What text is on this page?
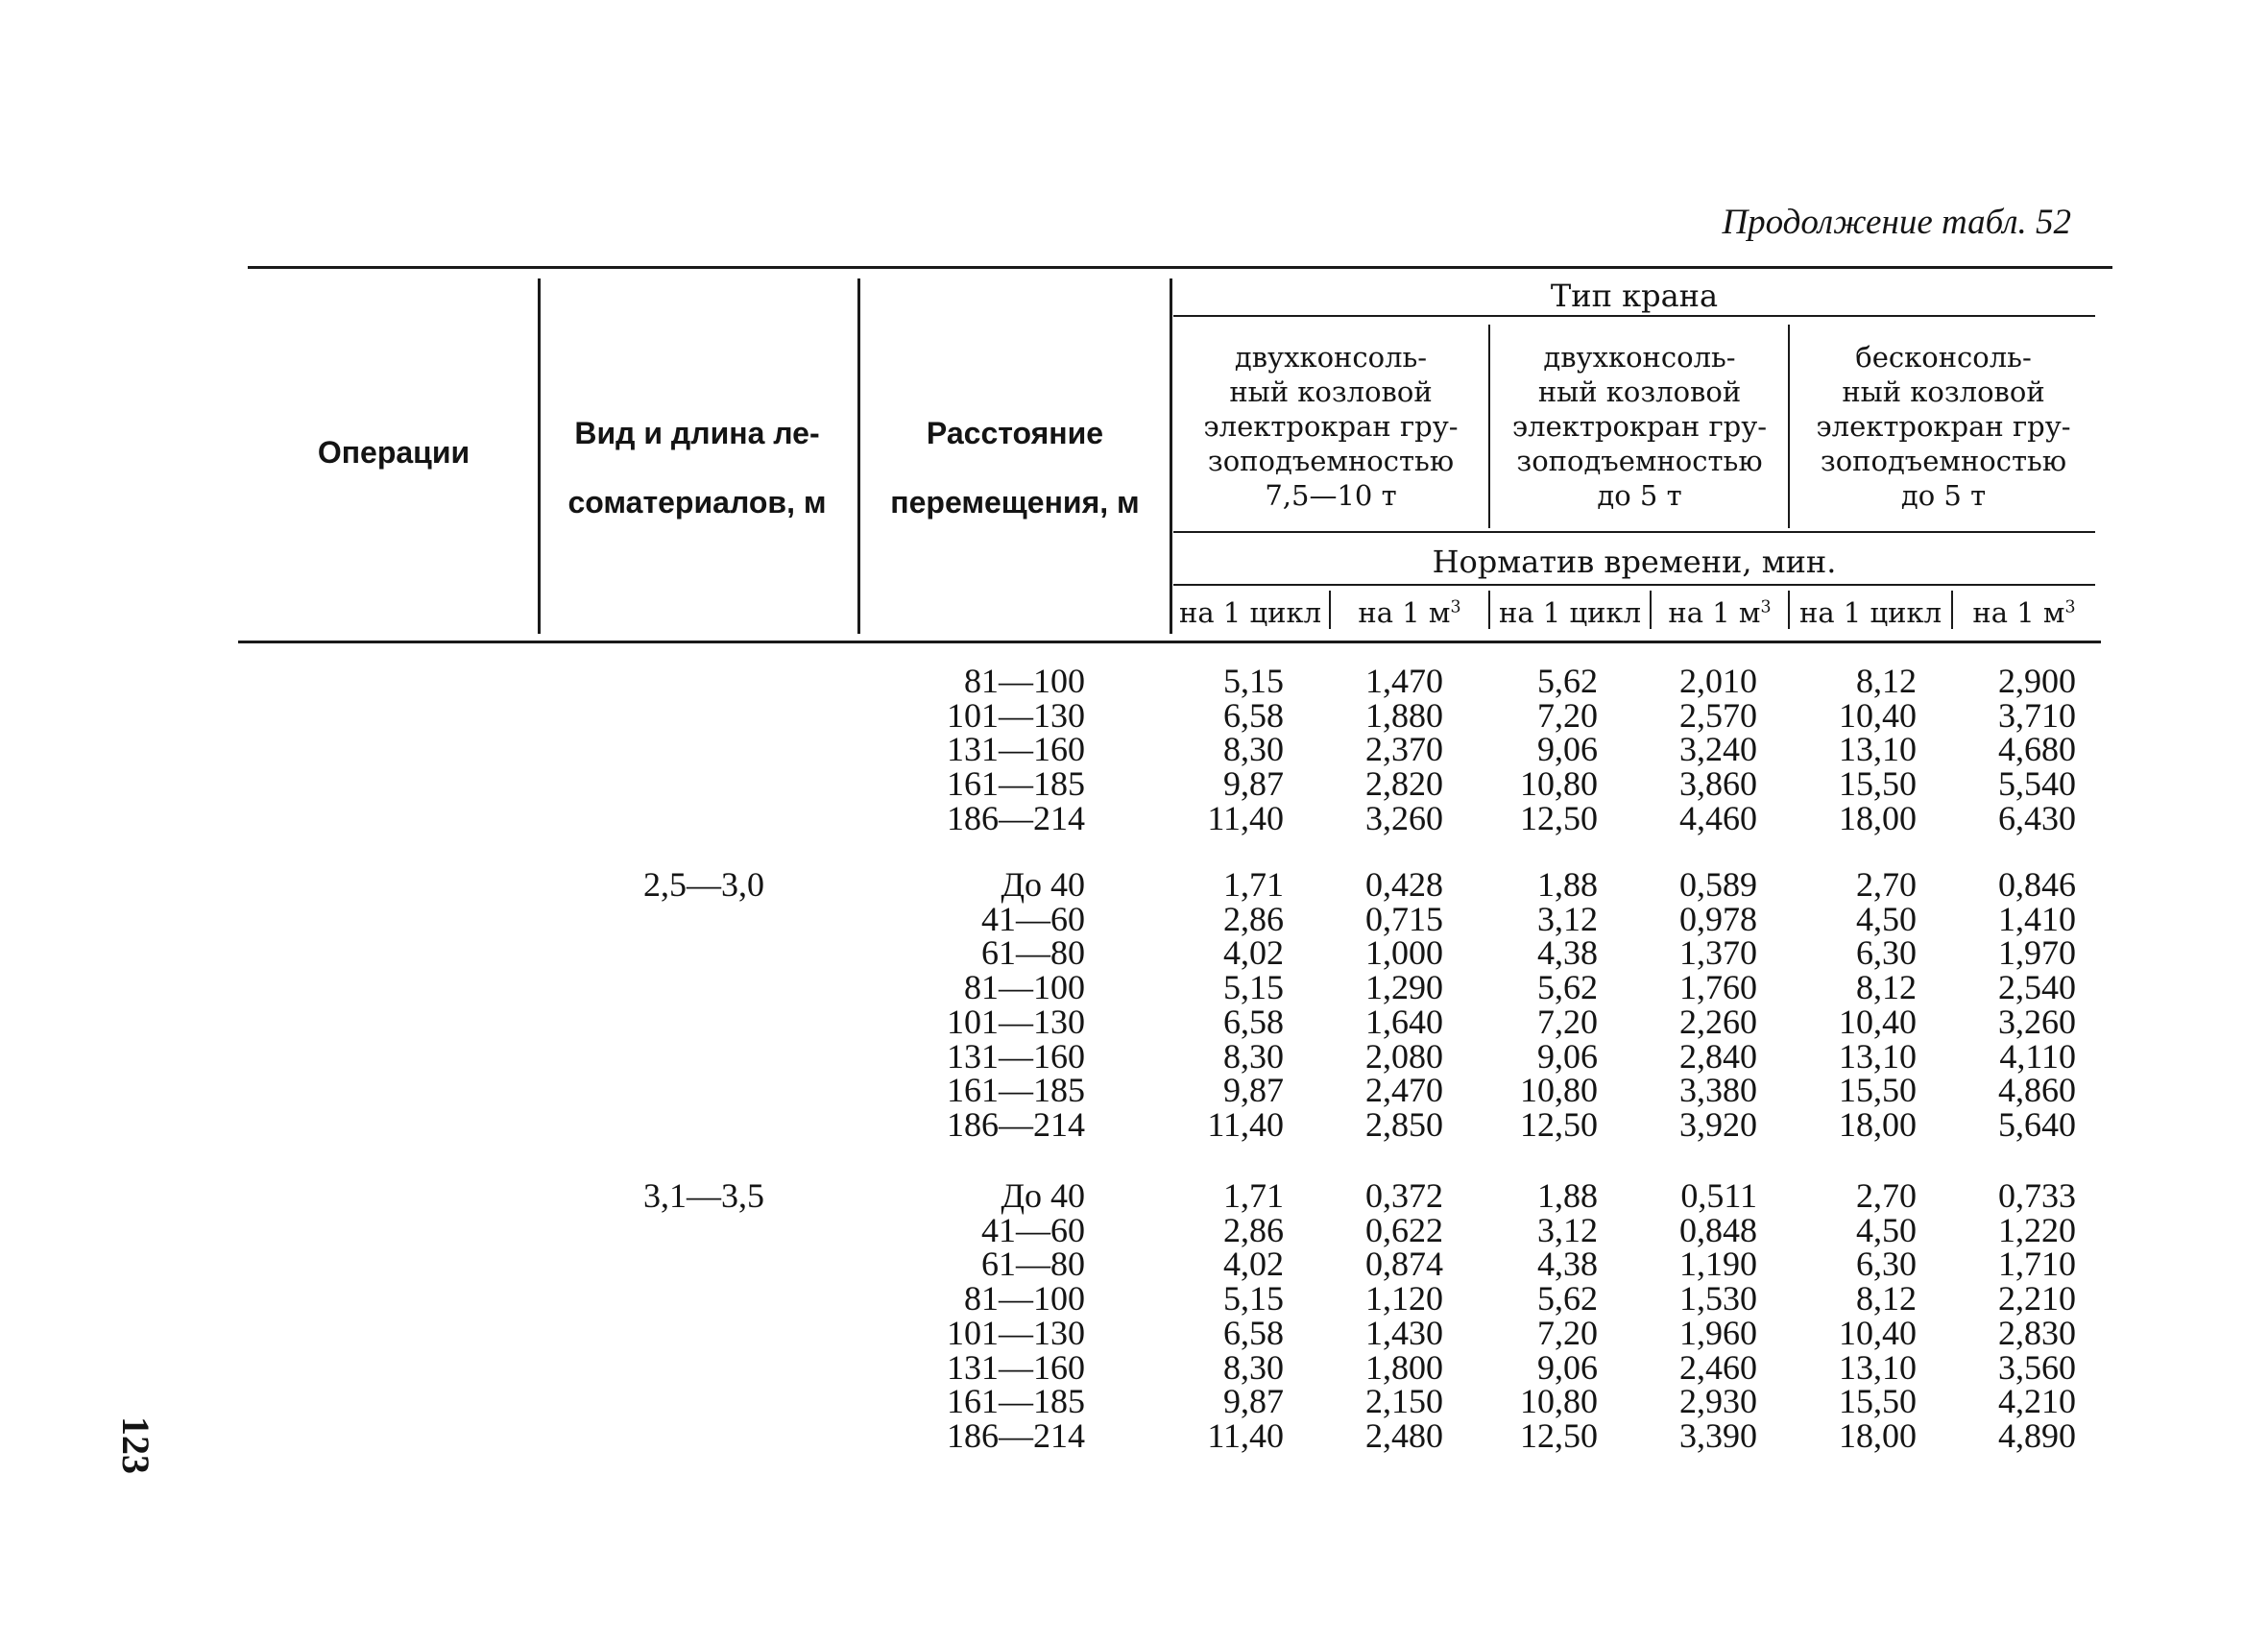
Продолжение табл. 52
Операции
Вид и длина ле-
соматериалов, м
Расстояние
перемещения, м
Тип крана
двухконсоль-
ный козловой
электрокран гру-
зоподъемностью
7,5—10 т
двухконсоль-
ный козловой
электрокран гру-
зоподъемностью
до 5 т
бесконсоль-
ный козловой
электрокран гру-
зоподъемностью
до 5 т
Норматив времени, мин.
на 1 цикл	на 1 $м^3$	на 1 цикл на 1 $м^3$	на 1 цикл	на 1 $м^3$
81—100	5,15 1,470	5,62 2,010	8,12 2,900
101—130	6,58 1,880	7,20 2,570 10,40 3,710
131—160	8,30 2,370	9,06 3,240 13,10 4,680
161—185	9,87 2,820 10,80 3,860 15,50 5,540
186—214	11,40 3,260 12,50 4,460 18,00 6,430
2,5—3,0	До 40	1,71 0,428	1,88 0,589	2,70 0,846
41—60	2,86 0,715	3,12 0,978	4,50 1,410
61—80	4,02 1,000	4,38 1,370	6,30 1,970
81—100	5,15 1,290	5,62 1,760	8,12 2,540
101—130	6,58 1,640	7,20 2,260 10,40 3,260
131—160	8,30 2,080	9,06 2,840 13,10 4,110
161—185	9,87 2,470 10,80 3,380 15,50 4,860
186—214	11,40 2,850 12,50 3,920 18,00 5,640
3,1—3,5	До 40	1,71 0,372	1,88 0,511	2,70 0,733
41—60	2,86 0,622	3,12 0,848	4,50 1,220
61—80	4,02 0,874	4,38 1,190	6,30 1,710
81—100	5,15 1,120	5,62 1,530	8,12 2,210
101—130	6,58 1,430	7,20 1,960 10,40 2,830
131—160	8,30 1,800	9,06 2,460 13,10 3,560
161—185	9,87 2,150 10,80 2,930 15,50 4,210
186—214	11,40 2,480 12,50 3,390 18,00 4,890
123
